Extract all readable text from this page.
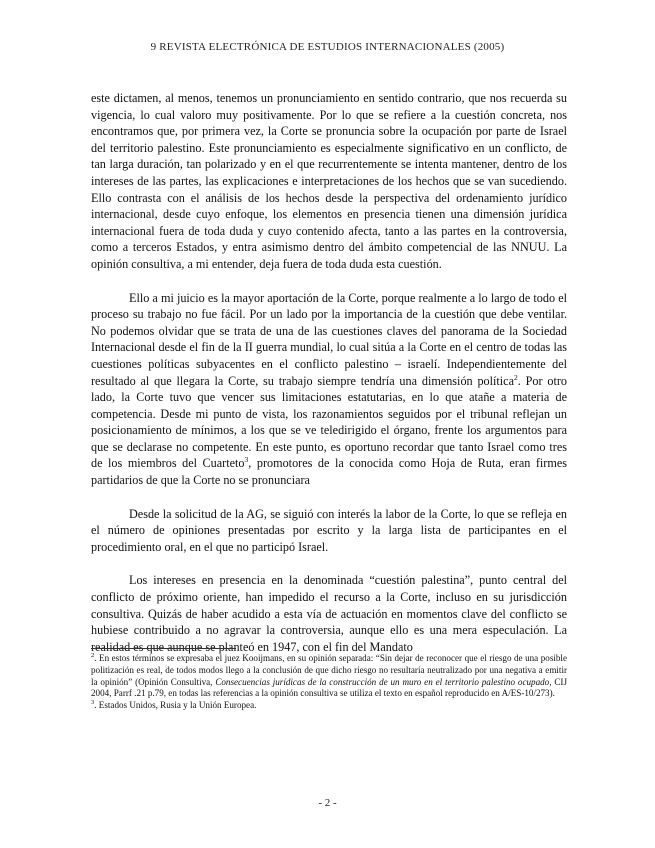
9 REVISTA ELECTRÓNICA DE ESTUDIOS INTERNACIONALES (2005)

este dictamen, al menos, tenemos un pronunciamiento en sentido contrario, que nos recuerda su vigencia, lo cual valoro muy positivamente. Por lo que se refiere a la cuestión concreta, nos encontramos que, por primera vez, la Corte se pronuncia sobre la ocupación por parte de Israel del territorio palestino. Este pronunciamiento es especialmente significativo en un conflicto, de tan larga duración, tan polarizado y en el que recurrentemente se intenta mantener, dentro de los intereses de las partes, las explicaciones e interpretaciones de los hechos que se van sucediendo. Ello contrasta con el análisis de los hechos desde la perspectiva del ordenamiento jurídico internacional, desde cuyo enfoque, los elementos en presencia tienen una dimensión jurídica internacional fuera de toda duda y cuyo contenido afecta, tanto a las partes en la controversia, como a terceros Estados, y entra asimismo dentro del ámbito competencial de las NNUU. La opinión consultiva, a mi entender, deja fuera de toda duda esta cuestión.

Ello a mi juicio es la mayor aportación de la Corte, porque realmente a lo largo de todo el proceso su trabajo no fue fácil. Por un lado por la importancia de la cuestión que debe ventilar. No podemos olvidar que se trata de una de las cuestiones claves del panorama de la Sociedad Internacional desde el fin de la II guerra mundial, lo cual sitúa a la Corte en el centro de todas las cuestiones políticas subyacentes en el conflicto palestino – israelí. Independientemente del resultado al que llegara la Corte, su trabajo siempre tendría una dimensión política$^2$. Por otro lado, la Corte tuvo que vencer sus limitaciones estatutarias, en lo que atañe a materia de competencia. Desde mi punto de vista, los razonamientos seguidos por el tribunal reflejan un posicionamiento de mínimos, a los que se ve teledirigido el órgano, frente los argumentos para que se declarase no competente. En este punto, es oportuno recordar que tanto Israel como tres de los miembros del Cuarteto$^3$, promotores de la conocida como Hoja de Ruta, eran firmes partidarios de que la Corte no se pronunciara

Desde la solicitud de la AG, se siguió con interés la labor de la Corte, lo que se refleja en el número de opiniones presentadas por escrito y la larga lista de participantes en el procedimiento oral, en el que no participó Israel.

Los intereses en presencia en la denominada “cuestión palestina”, punto central del conflicto de próximo oriente, han impedido el recurso a la Corte, incluso en su jurisdicción consultiva. Quizás de haber acudido a esta vía de actuación en momentos clave del conflicto se hubiese contribuido a no agravar la controversia, aunque ello es una mera especulación. La realidad es que aunque se planteó en 1947, con el fin del Mandato

$^2$. En estos términos se expresaba el juez Kooijmans, en su opinión separada: “Sin dejar de reconocer que el riesgo de una posible politización es real, de todos modos llego a la conclusión de que dicho riesgo no resultaría neutralizado por una negativa a emitir la opinión” (Opinión Consultiva, Consecuencias jurídicas de la construcción de un muro en el territorio palestino ocupado, CIJ 2004, Parrf .21 p.79, en todas las referencias a la opinión consultiva se utiliza el texto en español reproducido en A/ES-10/273).

$^3$. Estados Unidos, Rusia y la Unión Europea.

- 2 -
